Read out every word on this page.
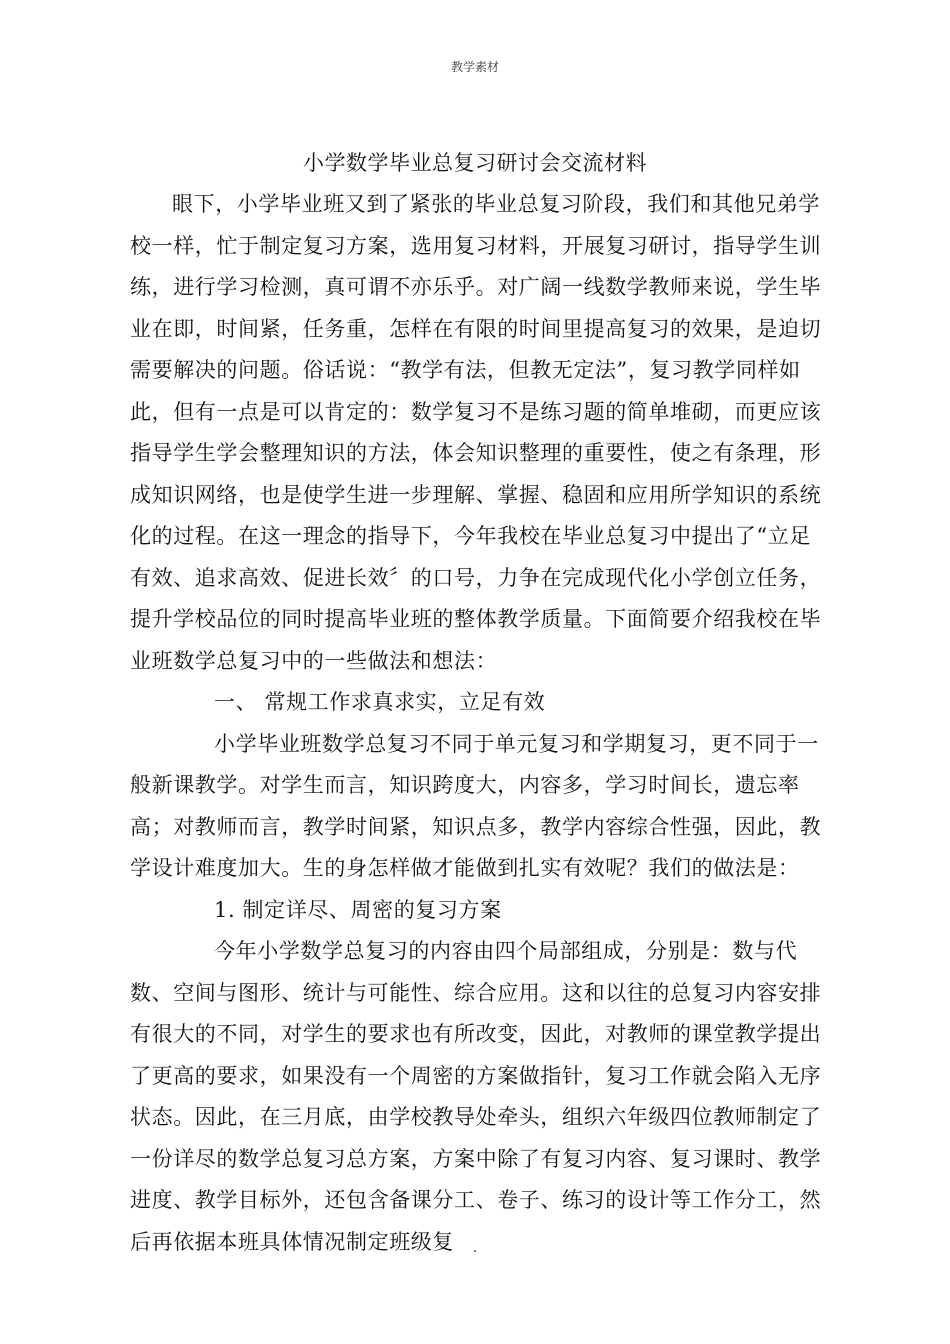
教学素材
小学数学毕业总复习研讨会交流材料

眼下，小学毕业班又到了紧张的毕业总复习阶段，我们和其他兄弟学校一样，忙于制定复习方案，选用复习材料，开展复习研讨，指导学生训练，进行学习检测，真可谓不亦乐乎。对广阔一线数学教师来说，学生毕业在即，时间紧，任务重，怎样在有限的时间里提高复习的效果，是迫切需要解决的问题。俗话说：“教学有法，但教无定法”，复习教学同样如此，但有一点是可以肯定的：数学复习不是练习题的简单堆砌，而更应该指导学生学会整理知识的方法，体会知识整理的重要性，使之有条理，形成知识网络，也是使学生进一步理解、掌握、稳固和应用所学知识的系统化的过程。在这一理念的指导下，今年我校在毕业总复习中提出了“立足有效、追求高效、促进长效〞的口号，力争在完成现代化小学创立任务，提升学校品位的同时提高毕业班的整体教学质量。下面简要介绍我校在毕业班数学总复习中的一些做法和想法：

一、 常规工作求真求实，立足有效

小学毕业班数学总复习不同于单元复习和学期复习，更不同于一般新课教学。对学生而言，知识跨度大，内容多，学习时间长，遗忘率高；对教师而言，教学时间紧，知识点多，教学内容综合性强，因此，教学设计难度加大。生的身怎样做才能做到扎实有效呢？我们的做法是：

1. 制定详尽、周密的复习方案

今年小学数学总复习的内容由四个局部组成，分别是：数与代数、空间与图形、统计与可能性、综合应用。这和以往的总复习内容安排有很大的不同，对学生的要求也有所改变，因此，对教师的课堂教学提出了更高的要求，如果没有一个周密的方案做指针，复习工作就会陷入无序状态。因此，在三月底，由学校教导处牵头，组织六年级四位教师制定了一份详尽的数学总复习总方案，方案中除了有复习内容、复习课时、教学进度、教学目标外，还包含备课分工、卷子、练习的设计等工作分工，然后再依据本班具体情况制定班级复	.
